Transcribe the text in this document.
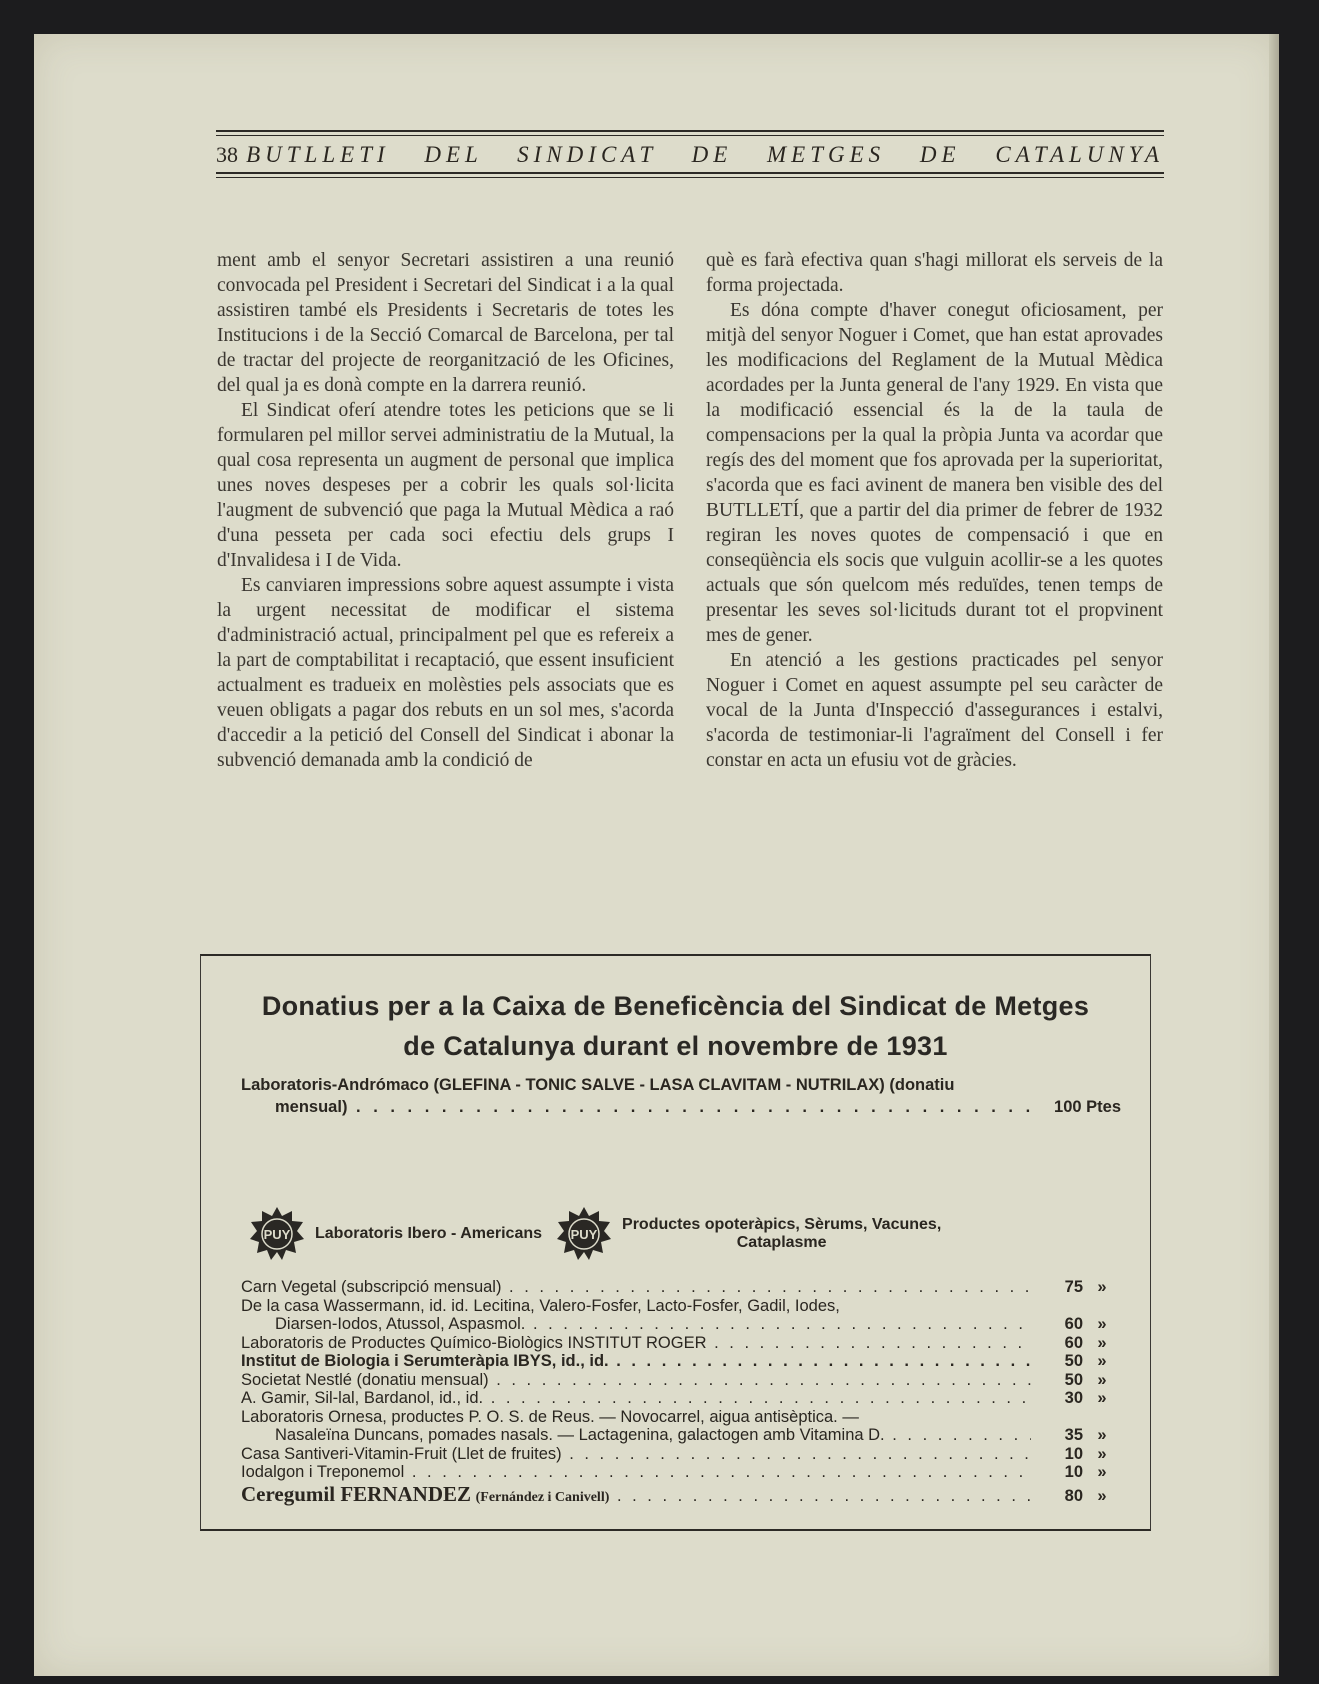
38 BUTLLETI DEL SINDICAT DE METGES DE CATALUNYA

ment amb el senyor Secretari assistiren a una reunió convocada pel President i Secretari del Sindicat i a la qual assistiren també els Presidents i Secretaris de totes les Institucions i de la Secció Comarcal de Barcelona, per tal de tractar del projecte de reorganització de les Oficines, del qual ja es donà compte en la darrera reunió.

El Sindicat oferí atendre totes les peticions que se li formularen pel millor servei administratiu de la Mutual, la qual cosa representa un augment de personal que implica unes noves despeses per a cobrir les quals sol·licita l'augment de subvenció que paga la Mutual Mèdica a raó d'una pesseta per cada soci efectiu dels grups I d'Invalidesa i I de Vida.

Es canviaren impressions sobre aquest assumpte i vista la urgent necessitat de modificar el sistema d'administració actual, principalment pel que es refereix a la part de comptabilitat i recaptació, que essent insuficient actualment es tradueix en molèsties pels associats que es veuen obligats a pagar dos rebuts en un sol mes, s'acorda d'accedir a la petició del Consell del Sindicat i abonar la subvenció demanada amb la condició de

què es farà efectiva quan s'hagi millorat els serveis de la forma projectada.

Es dóna compte d'haver conegut oficiosament, per mitjà del senyor Noguer i Comet, que han estat aprovades les modificacions del Reglament de la Mutual Mèdica acordades per la Junta general de l'any 1929. En vista que la modificació essencial és la de la taula de compensacions per la qual la pròpia Junta va acordar que regís des del moment que fos aprovada per la superioritat, s'acorda que es faci avinent de manera ben visible des del BUTLLETÍ, que a partir del dia primer de febrer de 1932 regiran les noves quotes de compensació i que en conseqüència els socis que vulguin acollir-se a les quotes actuals que són quelcom més reduïdes, tenen temps de presentar les seves sol·licituds durant tot el propvinent mes de gener.

En atenció a les gestions practicades pel senyor Noguer i Comet en aquest assumpte pel seu caràcter de vocal de la Junta d'Inspecció d'assegurances i estalvi, s'acorda de testimoniar-li l'agraïment del Consell i fer constar en acta un efusiu vot de gràcies.

Donatius per a la Caixa de Beneficència del Sindicat de Metges
de Catalunya durant el novembre de 1931
Laboratoris-Andrómaco (GLEFINA - TONIC SALVE - LASA CLAVITAM - NUTRILAX) (donatiu
mensual) . . .	100 Ptes
PUY Laboratoris Ibero - Americans PUY
Productes opoteràpics, Sèrums, Vacunes,
Cataplasme
Carn Vegetal (subscripció mensual) . . .	75 »
De la casa Wassermann, id. id. Lecitina, Valero-Fosfer, Lacto-Fosfer, Gadil, Iodes,
Diarsen-Iodos, Atussol, Aspasmol. . . .	60 »
Laboratoris de Productes Químico-Biològics INSTITUT ROGER . . .	60 »
Institut de Biologia i Serumteràpia IBYS, id., id. . . .	50 »
Societat Nestlé (donatiu mensual) . . .	50 »
A. Gamir, Sil-lal, Bardanol, id., id. . . .	30 »
Laboratoris Ornesa, productes P. O. S. de Reus. — Novocarrel, aigua antisèptica. —
Nasaleïna Duncans, pomades nasals. — Lactagenina, galactogen amb Vitamina D. . . .	35 »
Casa Santiveri-Vitamin-Fruit (Llet de fruites) . . .	10 »
Iodalgon i Treponemol . . .	10 »
Ceregumil FERNANDEZ (Fernández i Canivell) . . .	80 »
